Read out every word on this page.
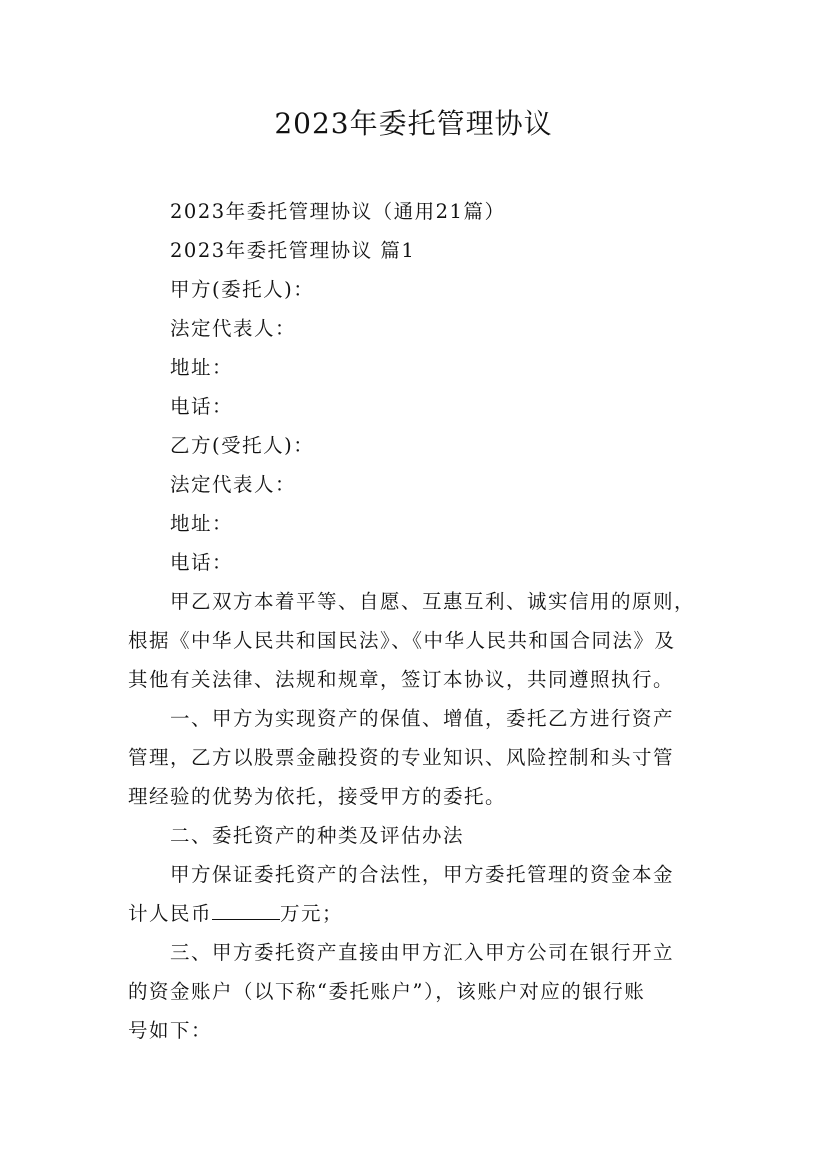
2023年委托管理协议
2023年委托管理协议（通用21篇）
2023年委托管理协议 篇1
甲方(委托人)：
法定代表人：
地址：
电话：
乙方(受托人)：
法定代表人：
地址：
电话：
甲乙双方本着平等、自愿、互惠互利、诚实信用的原则，
根据《中华人民共和国民法》、《中华人民共和国合同法》及
其他有关法律、法规和规章，签订本协议，共同遵照执行。
一、甲方为实现资产的保值、增值，委托乙方进行资产
管理，乙方以股票金融投资的专业知识、风险控制和头寸管
理经验的优势为依托，接受甲方的委托。
二、委托资产的种类及评估办法
甲方保证委托资产的合法性，甲方委托管理的资金本金
计人民币	万元；
三、甲方委托资产直接由甲方汇入甲方公司在银行开立
的资金账户（以下称“委托账户”），该账户对应的银行账
号如下：
